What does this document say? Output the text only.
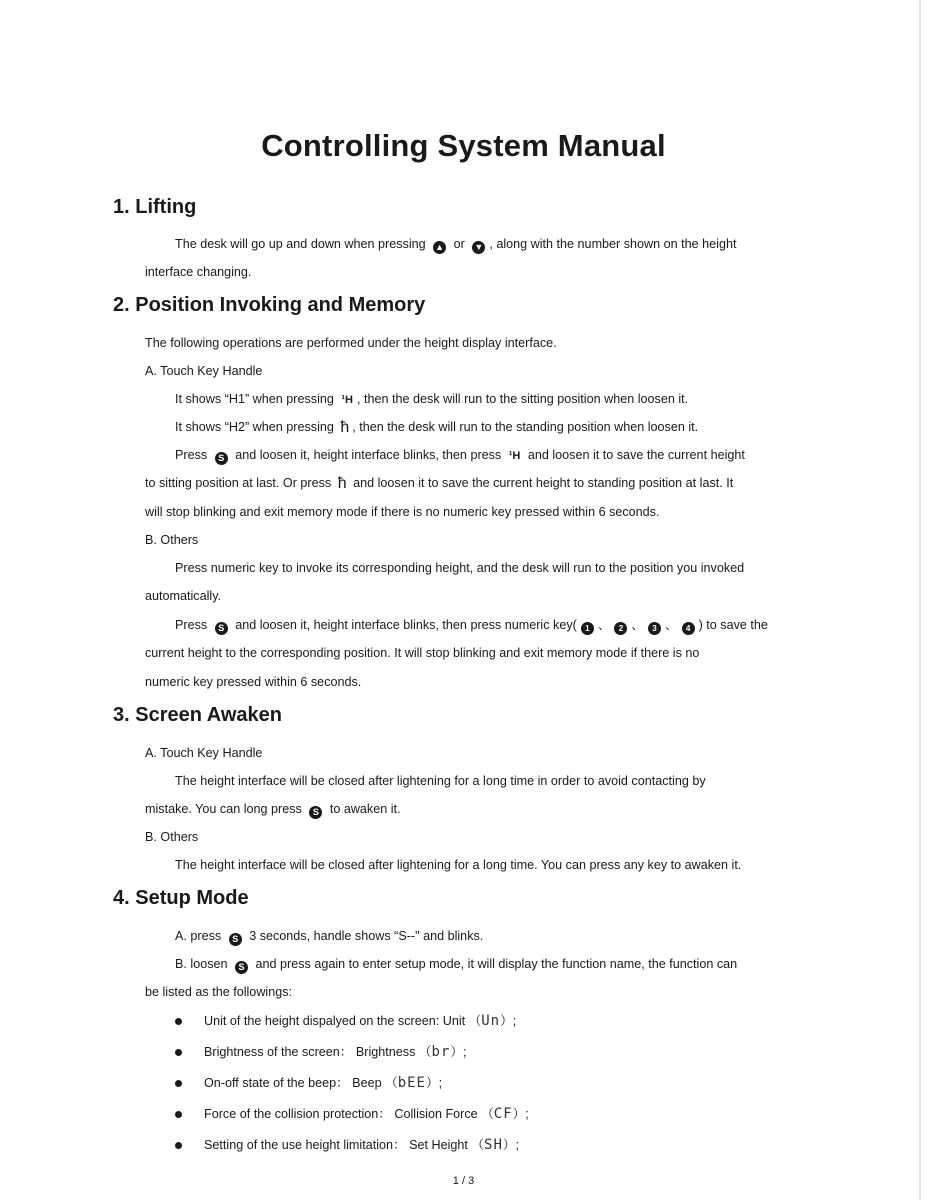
Controlling System Manual
1. Lifting
The desk will go up and down when pressing ▲ or ▼ , along with the number shown on the height
interface changing.
2. Position Invoking and Memory
The following operations are performed under the height display interface.
A. Touch Key Handle
It shows “H1” when pressing ¹H , then the desk will run to the sitting position when loosen it.
It shows “H2” when pressing ħ , then the desk will run to the standing position when loosen it.
Press S and loosen it, height interface blinks, then press ¹H and loosen it to save the current height
to sitting position at last. Or press ħ and loosen it to save the current height to standing position at last. It
will stop blinking and exit memory mode if there is no numeric key pressed within 6 seconds.
B. Others
Press numeric key to invoke its corresponding height, and the desk will run to the position you invoked
automatically.
Press S and loosen it, height interface blinks, then press numeric key( 1 、 2 、 3 、 4 ) to save the
current height to the corresponding position. It will stop blinking and exit memory mode if there is no
numeric key pressed within 6 seconds.
3. Screen Awaken
A. Touch Key Handle
The height interface will be closed after lightening for a long time in order to avoid contacting by
mistake. You can long press S to awaken it.
B. Others
The height interface will be closed after lightening for a long time. You can press any key to awaken it.
4. Setup Mode
A. press S 3 seconds, handle shows “S--" and blinks.
B. loosen S and press again to enter setup mode, it will display the function name, the function can
be listed as the followings:
Unit of the height dispalyed on the screen: Unit （Un）;
Brightness of the screen： Brightness （br）;
On-off state of the beep： Beep （bEE）;
Force of the collision protection： Collision Force （CF）;
Setting of the use height limitation： Set Height （SH）;
1 / 3
